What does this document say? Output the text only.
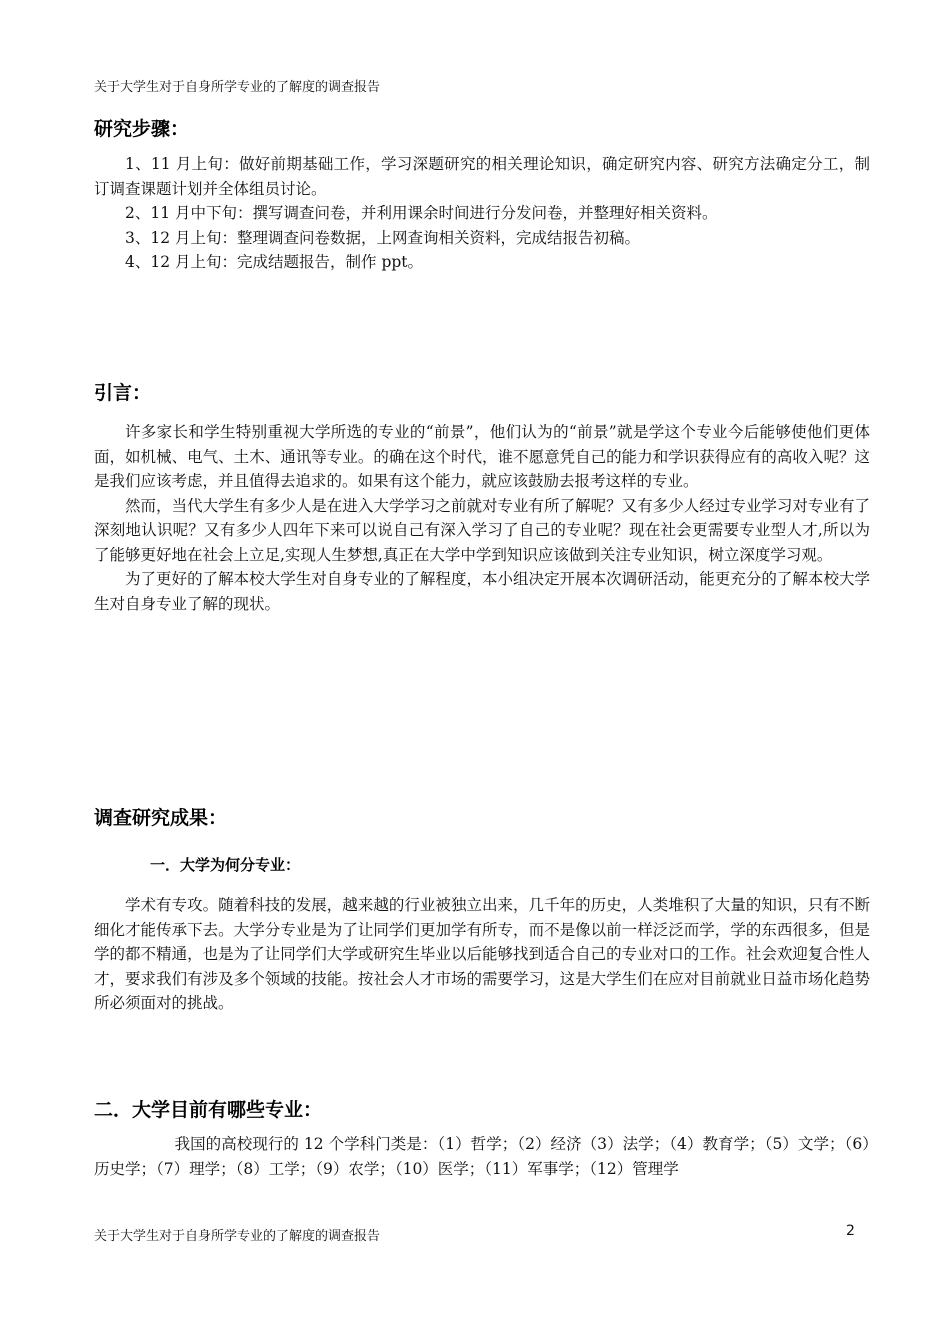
关于大学生对于自身所学专业的了解度的调查报告
研究步骤：

1、11 月上旬：做好前期基础工作，学习深题研究的相关理论知识，确定研究内容、研究方法确定分工，制订调查课题计划并全体组员讨论。

2、11 月中下旬：撰写调查问卷，并利用课余时间进行分发问卷，并整理好相关资料。

3、12 月上旬：整理调查问卷数据，上网查询相关资料，完成结报告初稿。

4、12 月上旬：完成结题报告，制作 ppt。

引言：

许多家长和学生特别重视大学所选的专业的“前景”，他们认为的“前景”就是学这个专业今后能够使他们更体面，如机械、电气、土木、通讯等专业。的确在这个时代，谁不愿意凭自己的能力和学识获得应有的高收入呢？这是我们应该考虑，并且值得去追求的。如果有这个能力，就应该鼓励去报考这样的专业。

然而，当代大学生有多少人是在进入大学学习之前就对专业有所了解呢？又有多少人经过专业学习对专业有了深刻地认识呢？又有多少人四年下来可以说自己有深入学习了自己的专业呢？现在社会更需要专业型人才,所以为了能够更好地在社会上立足,实现人生梦想,真正在大学中学到知识应该做到关注专业知识，树立深度学习观。

为了更好的了解本校大学生对自身专业的了解程度，本小组决定开展本次调研活动，能更充分的了解本校大学生对自身专业了解的现状。

调查研究成果：
一．大学为何分专业：

学术有专攻。随着科技的发展，越来越的行业被独立出来，几千年的历史，人类堆积了大量的知识，只有不断细化才能传承下去。大学分专业是为了让同学们更加学有所专，而不是像以前一样泛泛而学，学的东西很多，但是学的都不精通，也是为了让同学们大学或研究生毕业以后能够找到适合自己的专业对口的工作。社会欢迎复合性人才，要求我们有涉及多个领域的技能。按社会人才市场的需要学习，这是大学生们在应对目前就业日益市场化趋势所必须面对的挑战。

二．大学目前有哪些专业：

我国的高校现行的 12 个学科门类是：（1）哲学；（2）经济（3）法学；（4）教育学；（5）文学；（6）历史学；（7）理学；（8）工学；（9）农学；（10）医学；（11）军事学；（12）管理学

关于大学生对于自身所学专业的了解度的调查报告	2
